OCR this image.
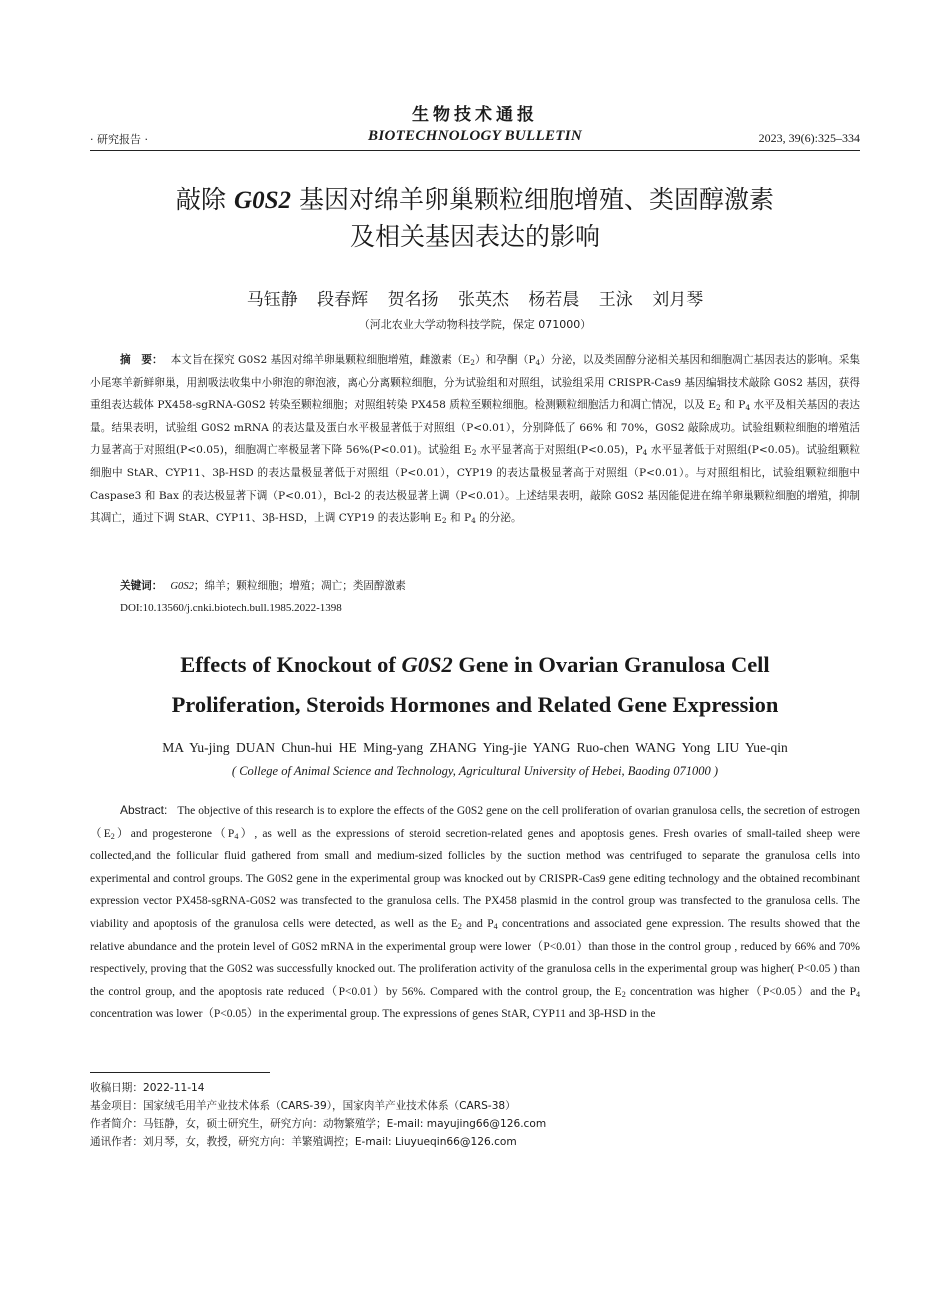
生物技术通报
· 研究报告 ·	BIOTECHNOLOGY BULLETIN	2023, 39(6):325–334
敲除 G0S2 基因对绵羊卵巢颗粒细胞增殖、类固醇激素
及相关基因表达的影响
马钰静 段春辉 贺名扬 张英杰 杨若晨 王泳 刘月琴
（河北农业大学动物科技学院，保定 071000）
摘　要： 本文旨在探究 G0S2 基因对绵羊卵巢颗粒细胞增殖，雌激素$(E_2)$和孕酮$(P_4)$分泌，以及类固醇分泌相关基因和细胞凋亡基因表达的影响。采集小尾寒羊新鲜卵巢，用割吸法收集中小卵泡的卵泡液，离心分离颗粒细胞，分为试验组和对照组，试验组采用 CRISPR-Cas9 基因编辑技术敲除 G0S2 基因，获得重组表达载体 PX458-sgRNA-G0S2 转染至颗粒细胞；对照组转染 PX458 质粒至颗粒细胞。检测颗粒细胞活力和凋亡情况，以及 $E_2$ 和 $P_4$ 水平及相关基因的表达量。结果表明，试验组 G0S2 mRNA 的表达量及蛋白水平极显著低于对照组（P<0.01），分别降低了 66% 和 70%，G0S2 敲除成功。试验组颗粒细胞的增殖活力显著高于对照组(P<0.05)，细胞凋亡率极显著下降 56%(P<0.01)。试验组 $E_2$ 水平显著高于对照组(P<0.05)，$P_4$ 水平显著低于对照组(P<0.05)。试验组颗粒细胞中 StAR、CYP11、3β-HSD 的表达量极显著低于对照组（P<0.01），CYP19 的表达量极显著高于对照组（P<0.01）。与对照组相比，试验组颗粒细胞中 Caspase3 和 Bax 的表达极显著下调（P<0.01），Bcl-2 的表达极显著上调（P<0.01）。上述结果表明，敲除 G0S2 基因能促进在绵羊卵巢颗粒细胞的增殖，抑制其凋亡，通过下调 StAR、CYP11、3β-HSD，上调 CYP19 的表达影响 $E_2$ 和 $P_4$ 的分泌。
关键词： G0S2；绵羊；颗粒细胞；增殖；凋亡；类固醇激素
DOI:10.13560/j.cnki.biotech.bull.1985.2022-1398
Effects of Knockout of G0S2 Gene in Ovarian Granulosa Cell
Proliferation, Steroids Hormones and Related Gene Expression
MA Yu-jing DUAN Chun-hui HE Ming-yang ZHANG Ying-jie YANG Ruo-chen WANG Yong LIU Yue-qin
( College of Animal Science and Technology, Agricultural University of Hebei, Baoding 071000 )
Abstract: The objective of this research is to explore the effects of the G0S2 gene on the cell proliferation of ovarian granulosa cells, the secretion of $estrogen(E_2)and$ $progesterone(P_4)$, as well as the expressions of steroid secretion-related genes and apoptosis genes. Fresh ovaries of small-tailed sheep were collected,and the follicular fluid gathered from small and medium-sized follicles by the suction method was centrifuged to separate the granulosa cells into experimental and control groups. The G0S2 gene in the experimental group was knocked out by CRISPR-Cas9 gene editing technology and the obtained recombinant expression vector PX458-sgRNA-G0S2 was transfected to the granulosa cells. The PX458 plasmid in the control group was transfected to the granulosa cells. The viability and apoptosis of the granulosa cells were detected, as well as the $E_2$ and $P_4$ concentrations and associated gene expression. The results showed that the relative abundance and the protein level of G0S2 mRNA in the experimental group were lower（P<0.01）than those in the control group , reduced by 66% and 70% respectively, proving that the G0S2 was successfully knocked out. The proliferation activity of the granulosa cells in the experimental group was higher( P<0.05 ) than the control group, and the apoptosis rate reduced（P<0.01）by 56%. Compared with the control group, the $E_2$ concentration was higher（P<0.05）and the $P_4$ concentration was lower（P<0.05）in the experimental group. The expressions of genes StAR, CYP11 and 3β-HSD in the
收稿日期：2022-11-14
基金项目：国家绒毛用羊产业技术体系（CARS-39），国家肉羊产业技术体系（CARS-38）
作者简介：马钰静，女，硕士研究生，研究方向：动物繁殖学；E-mail: mayujing66@126.com
通讯作者：刘月琴，女，教授，研究方向：羊繁殖调控；E-mail: Liuyueqin66@126.com
